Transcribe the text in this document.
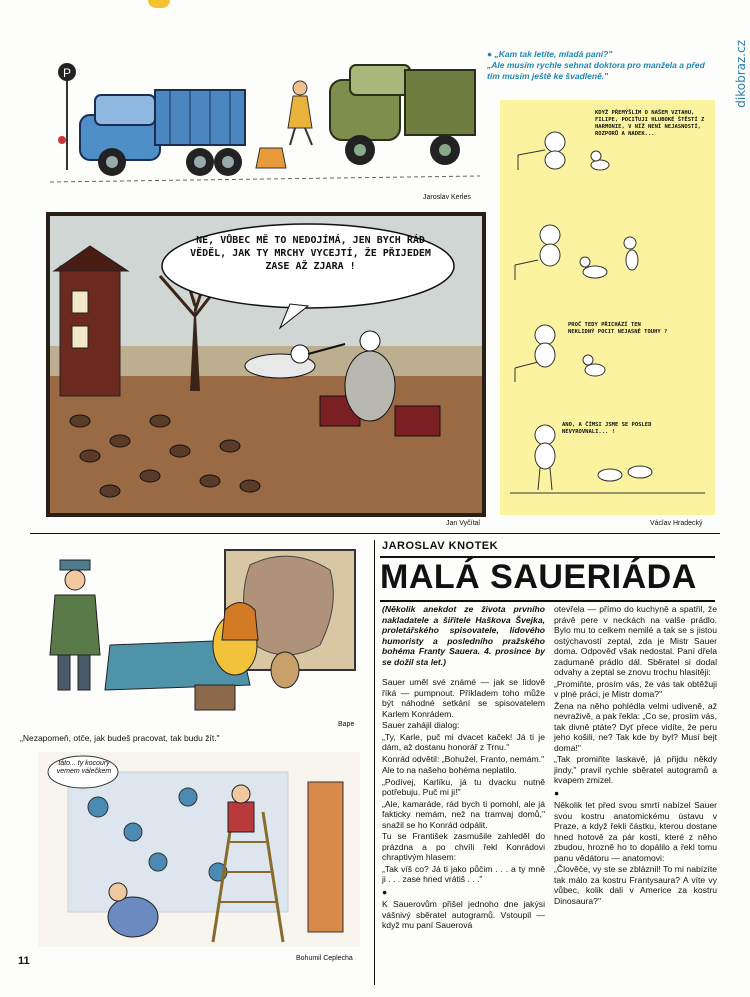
dikobraz.cz
P
Jaroslav Kerles
● „Kam tak letíte, mladá paní?"
„Ale musím rychle sehnat doktora pro manžela a před tím musím ještě ke švadleně."
KDYŽ PŘEMÝŠLÍM O NAŠEM VZTAHU, FILIPE, POCIŤUJI HLUBOKÉ ŠTĚSTÍ Z HARMONIE, V NÍŽ NENÍ NEJASNOSTÍ, ROZPORŮ A NADEK...
PROČ TEDY PŘICHÁZÍ TEN NEKLIDNÝ POCIT NEJASNÉ TOUHY ?
ANO, A ČÍMSI JSME SE POSLED NEVYROVNALI... !
Václav Hradecký
NE, VŮBEC MĚ TO NEDOJÍMÁ, JEN BYCH RÁD VĚDĚL, JAK TY MRCHY VYCEJTÍ, ŽE PŘIJEDEM ZASE AŽ ZJARA !
Jan Vyčítal
Bape
„Nezapomeň, otče, jak budeš pracovat, tak budu žít."
táto... ty kocoury vemem válečkem
Bohumil Ceplecha
11
JAROSLAV KNOTEK
MALÁ SAUERIÁDA

(Několik anekdot ze života prvního nakladatele a šiřitele Haškova Švejka, proletářského spisovatele, lidového humoristy a posledního pražského bohéma Franty Sauera. 4. prosince by se dožil sta let.)

Sauer uměl své známé — jak se lidově říká — pumpnout. Příkladem toho může být náhodné setkání se spisovatelem Karlem Konrádem.

Sauer zahájil dialog:

„Ty, Karle, puč mi dvacet kaček! Já ti je dám, až dostanu honorář z Trnu."

Konrád odvětil: „Bohužel, Franto, nemám."

Ale to na našeho bohéma neplatilo.

„Podívej, Karlíku, já tu dvacku nutně potřebuju. Puč mi ji!"

„Ale, kamaráde, rád bych ti pomohl, ale já fakticky nemám, než na tramvaj domů," snažil se ho Konrád odpálit.

Tu se František zasmušile zahleděl do prázdna a po chvíli řekl Konrádovi chraptivým hlasem:

„Tak víš co? Já ti jako půčim . . . a ty mně ji . . . zase hned vrátiš . . ."

●

K Sauerovům přišel jednoho dne jakýsi vášnivý sběratel autogramů. Vstoupil — když mu paní Sauerová

otevřela — přímo do kuchyně a spatřil, že právě pere v neckách na valše prádlo. Bylo mu to celkem nemilé a tak se s jistou ostýchavostí zeptal, zda je Mistr Sauer doma. Odpověď však nedostal. Paní dřela zadumaně prádlo dál. Sběratel si dodal odvahy a zeptal se znovu trochu hlasitěji:

„Promiňte, prosím vás, že vás tak obtěžuji v plné práci, je Mistr doma?"

Žena na něho pohlédla velmi udiveně, až nevraživě, a pak řekla: „Co se, prosím vás, tak divně ptáte? Dyť přece vidíte, že peru jeho košili, ne? Tak kde by byl? Musí bejt doma!"

„Tak promiňte laskavě, já přijdu někdy jindy," pravil rychle sběratel autogramů a kvapem zmizel.

●

Několik let před svou smrtí nabízel Sauer svou kostru anatomickému ústavu v Praze, a když řekli částku, kterou dostane hned hotově za pár kostí, které z něho zbudou, hrozně ho to dopálilo a řekl tomu panu vědátoru — anatomovi:

„Člověče, vy ste se zbláznil! To mi nabízíte tak málo za kostru Frantysaura? A víte vy vůbec, kolik dali v Americe za kostru Dinosaura?"
